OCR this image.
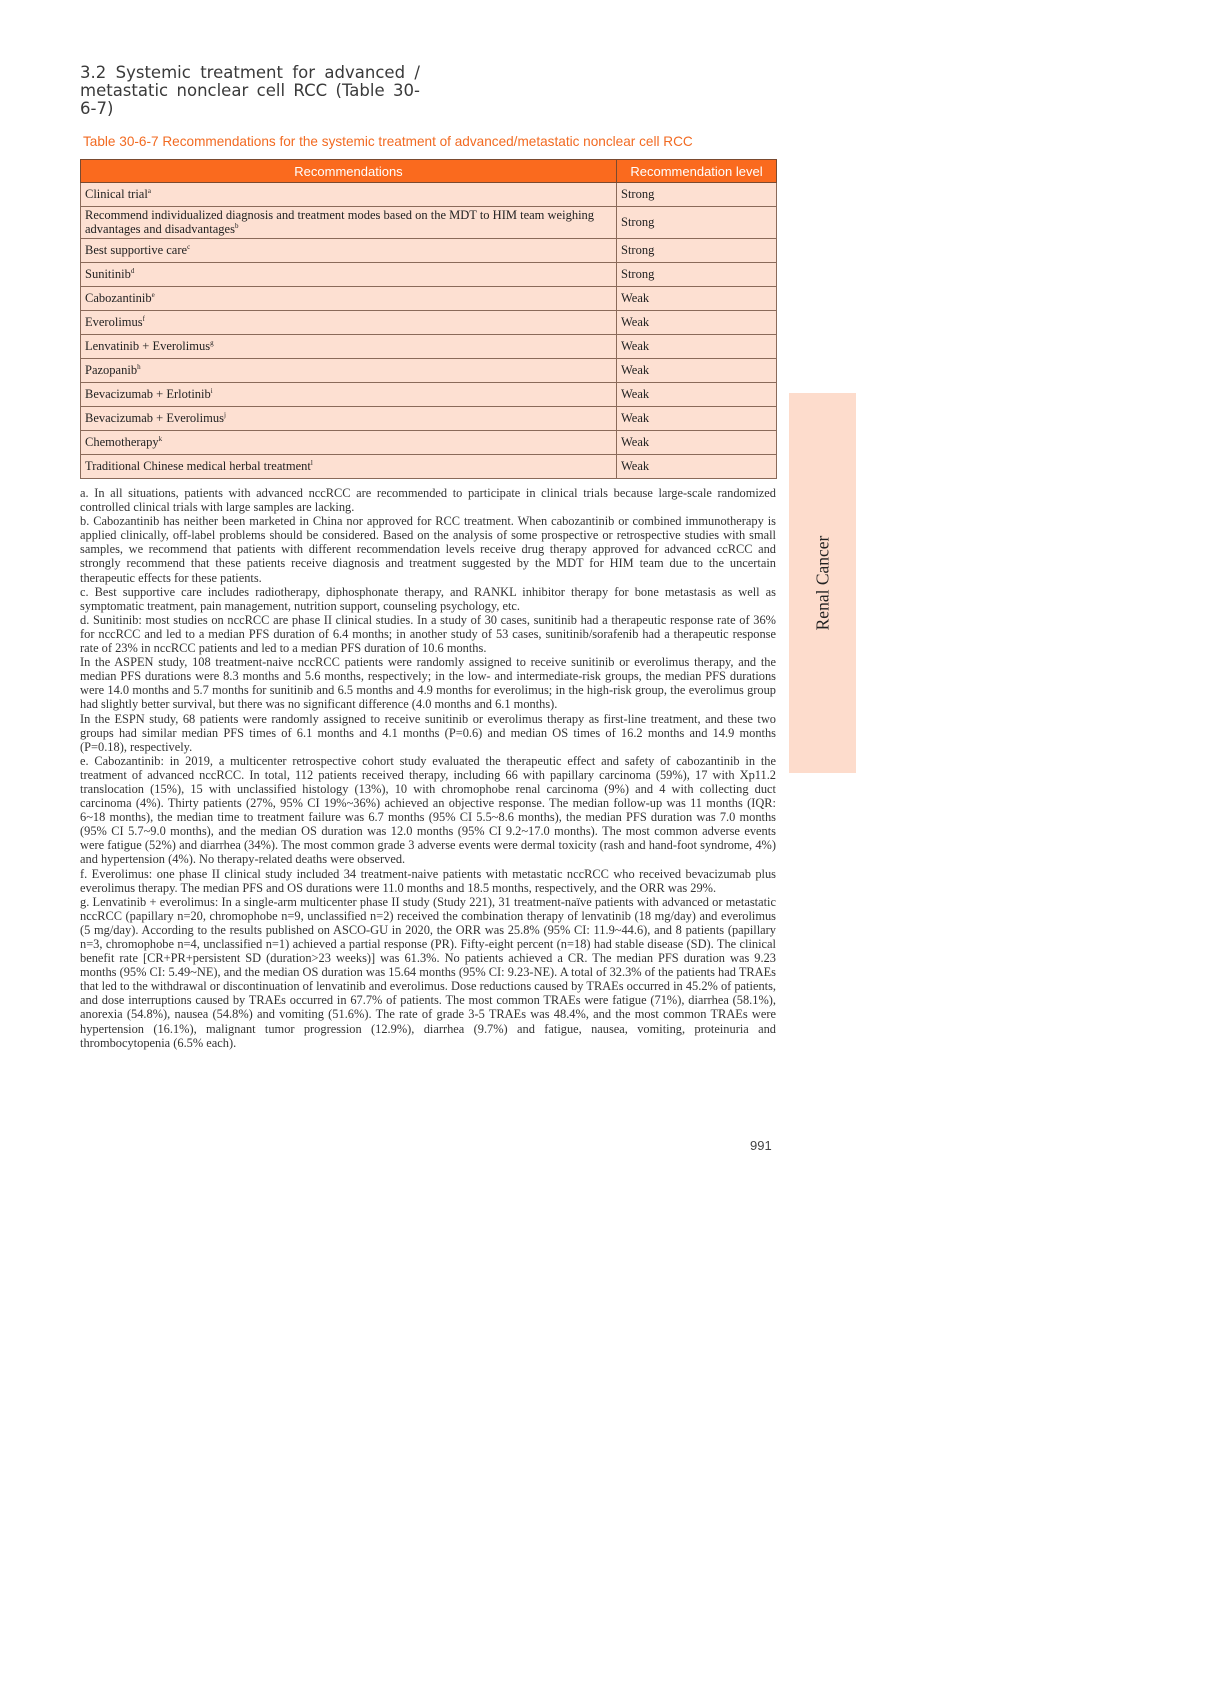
3.2 Systemic treatment for advanced / metastatic nonclear cell RCC (Table 30-6-7)
Table 30-6-7 Recommendations for the systemic treatment of advanced/metastatic nonclear cell RCC
Recommendations	Recommendation level
Clinical trial$^a$	Strong
Recommend individualized diagnosis and treatment modes based on the MDT to HIM team weighing advantages and disadvantages$^b$	Strong
Best supportive care$^c$	Strong
Sunitinib$^d$	Strong
Cabozantinib$^e$	Weak
Everolimus$^f$	Weak
Lenvatinib + Everolimus$^g$	Weak
Pazopanib$^h$	Weak
Bevacizumab + Erlotinib$^i$	Weak
Bevacizumab + Everolimus$^j$	Weak
Chemotherapy$^k$	Weak
Traditional Chinese medical herbal treatment$^l$	Weak

a. In all situations, patients with advanced nccRCC are recommended to participate in clinical trials because large-scale randomized controlled clinical trials with large samples are lacking.

b. Cabozantinib has neither been marketed in China nor approved for RCC treatment. When cabozantinib or combined immunotherapy is applied clinically, off-label problems should be considered. Based on the analysis of some prospective or retrospective studies with small samples, we recommend that patients with different recommendation levels receive drug therapy approved for advanced ccRCC and strongly recommend that these patients receive diagnosis and treatment suggested by the MDT for HIM team due to the uncertain therapeutic effects for these patients.

c. Best supportive care includes radiotherapy, diphosphonate therapy, and RANKL inhibitor therapy for bone metastasis as well as symptomatic treatment, pain management, nutrition support, counseling psychology, etc.

d. Sunitinib: most studies on nccRCC are phase II clinical studies. In a study of 30 cases, sunitinib had a therapeutic response rate of 36% for nccRCC and led to a median PFS duration of 6.4 months; in another study of 53 cases, sunitinib/sorafenib had a therapeutic response rate of 23% in nccRCC patients and led to a median PFS duration of 10.6 months.

In the ASPEN study, 108 treatment-naive nccRCC patients were randomly assigned to receive sunitinib or everolimus therapy, and the median PFS durations were 8.3 months and 5.6 months, respectively; in the low- and intermediate-risk groups, the median PFS durations were 14.0 months and 5.7 months for sunitinib and 6.5 months and 4.9 months for everolimus; in the high-risk group, the everolimus group had slightly better survival, but there was no significant difference (4.0 months and 6.1 months).

In the ESPN study, 68 patients were randomly assigned to receive sunitinib or everolimus therapy as first-line treatment, and these two groups had similar median PFS times of 6.1 months and 4.1 months (P=0.6) and median OS times of 16.2 months and 14.9 months (P=0.18), respectively.

e. Cabozantinib: in 2019, a multicenter retrospective cohort study evaluated the therapeutic effect and safety of cabozantinib in the treatment of advanced nccRCC. In total, 112 patients received therapy, including 66 with papillary carcinoma (59%), 17 with Xp11.2 translocation (15%), 15 with unclassified histology (13%), 10 with chromophobe renal carcinoma (9%) and 4 with collecting duct carcinoma (4%). Thirty patients (27%, 95% CI 19%~36%) achieved an objective response. The median follow-up was 11 months (IQR: 6~18 months), the median time to treatment failure was 6.7 months (95% CI 5.5~8.6 months), the median PFS duration was 7.0 months (95% CI 5.7~9.0 months), and the median OS duration was 12.0 months (95% CI 9.2~17.0 months). The most common adverse events were fatigue (52%) and diarrhea (34%). The most common grade 3 adverse events were dermal toxicity (rash and hand-foot syndrome, 4%) and hypertension (4%). No therapy-related deaths were observed.

f. Everolimus: one phase II clinical study included 34 treatment-naive patients with metastatic nccRCC who received bevacizumab plus everolimus therapy. The median PFS and OS durations were 11.0 months and 18.5 months, respectively, and the ORR was 29%.

g. Lenvatinib + everolimus: In a single-arm multicenter phase II study (Study 221), 31 treatment-naïve patients with advanced or metastatic nccRCC (papillary n=20, chromophobe n=9, unclassified n=2) received the combination therapy of lenvatinib (18 mg/day) and everolimus (5 mg/day). According to the results published on ASCO-GU in 2020, the ORR was 25.8% (95% CI: 11.9~44.6), and 8 patients (papillary n=3, chromophobe n=4, unclassified n=1) achieved a partial response (PR). Fifty-eight percent (n=18) had stable disease (SD). The clinical benefit rate [CR+PR+persistent SD (duration>23 weeks)] was 61.3%. No patients achieved a CR. The median PFS duration was 9.23 months (95% CI: 5.49~NE), and the median OS duration was 15.64 months (95% CI: 9.23-NE). A total of 32.3% of the patients had TRAEs that led to the withdrawal or discontinuation of lenvatinib and everolimus. Dose reductions caused by TRAEs occurred in 45.2% of patients, and dose interruptions caused by TRAEs occurred in 67.7% of patients. The most common TRAEs were fatigue (71%), diarrhea (58.1%), anorexia (54.8%), nausea (54.8%) and vomiting (51.6%). The rate of grade 3-5 TRAEs was 48.4%, and the most common TRAEs were hypertension (16.1%), malignant tumor progression (12.9%), diarrhea (9.7%) and fatigue, nausea, vomiting, proteinuria and thrombocytopenia (6.5% each).

Renal Cancer
991
